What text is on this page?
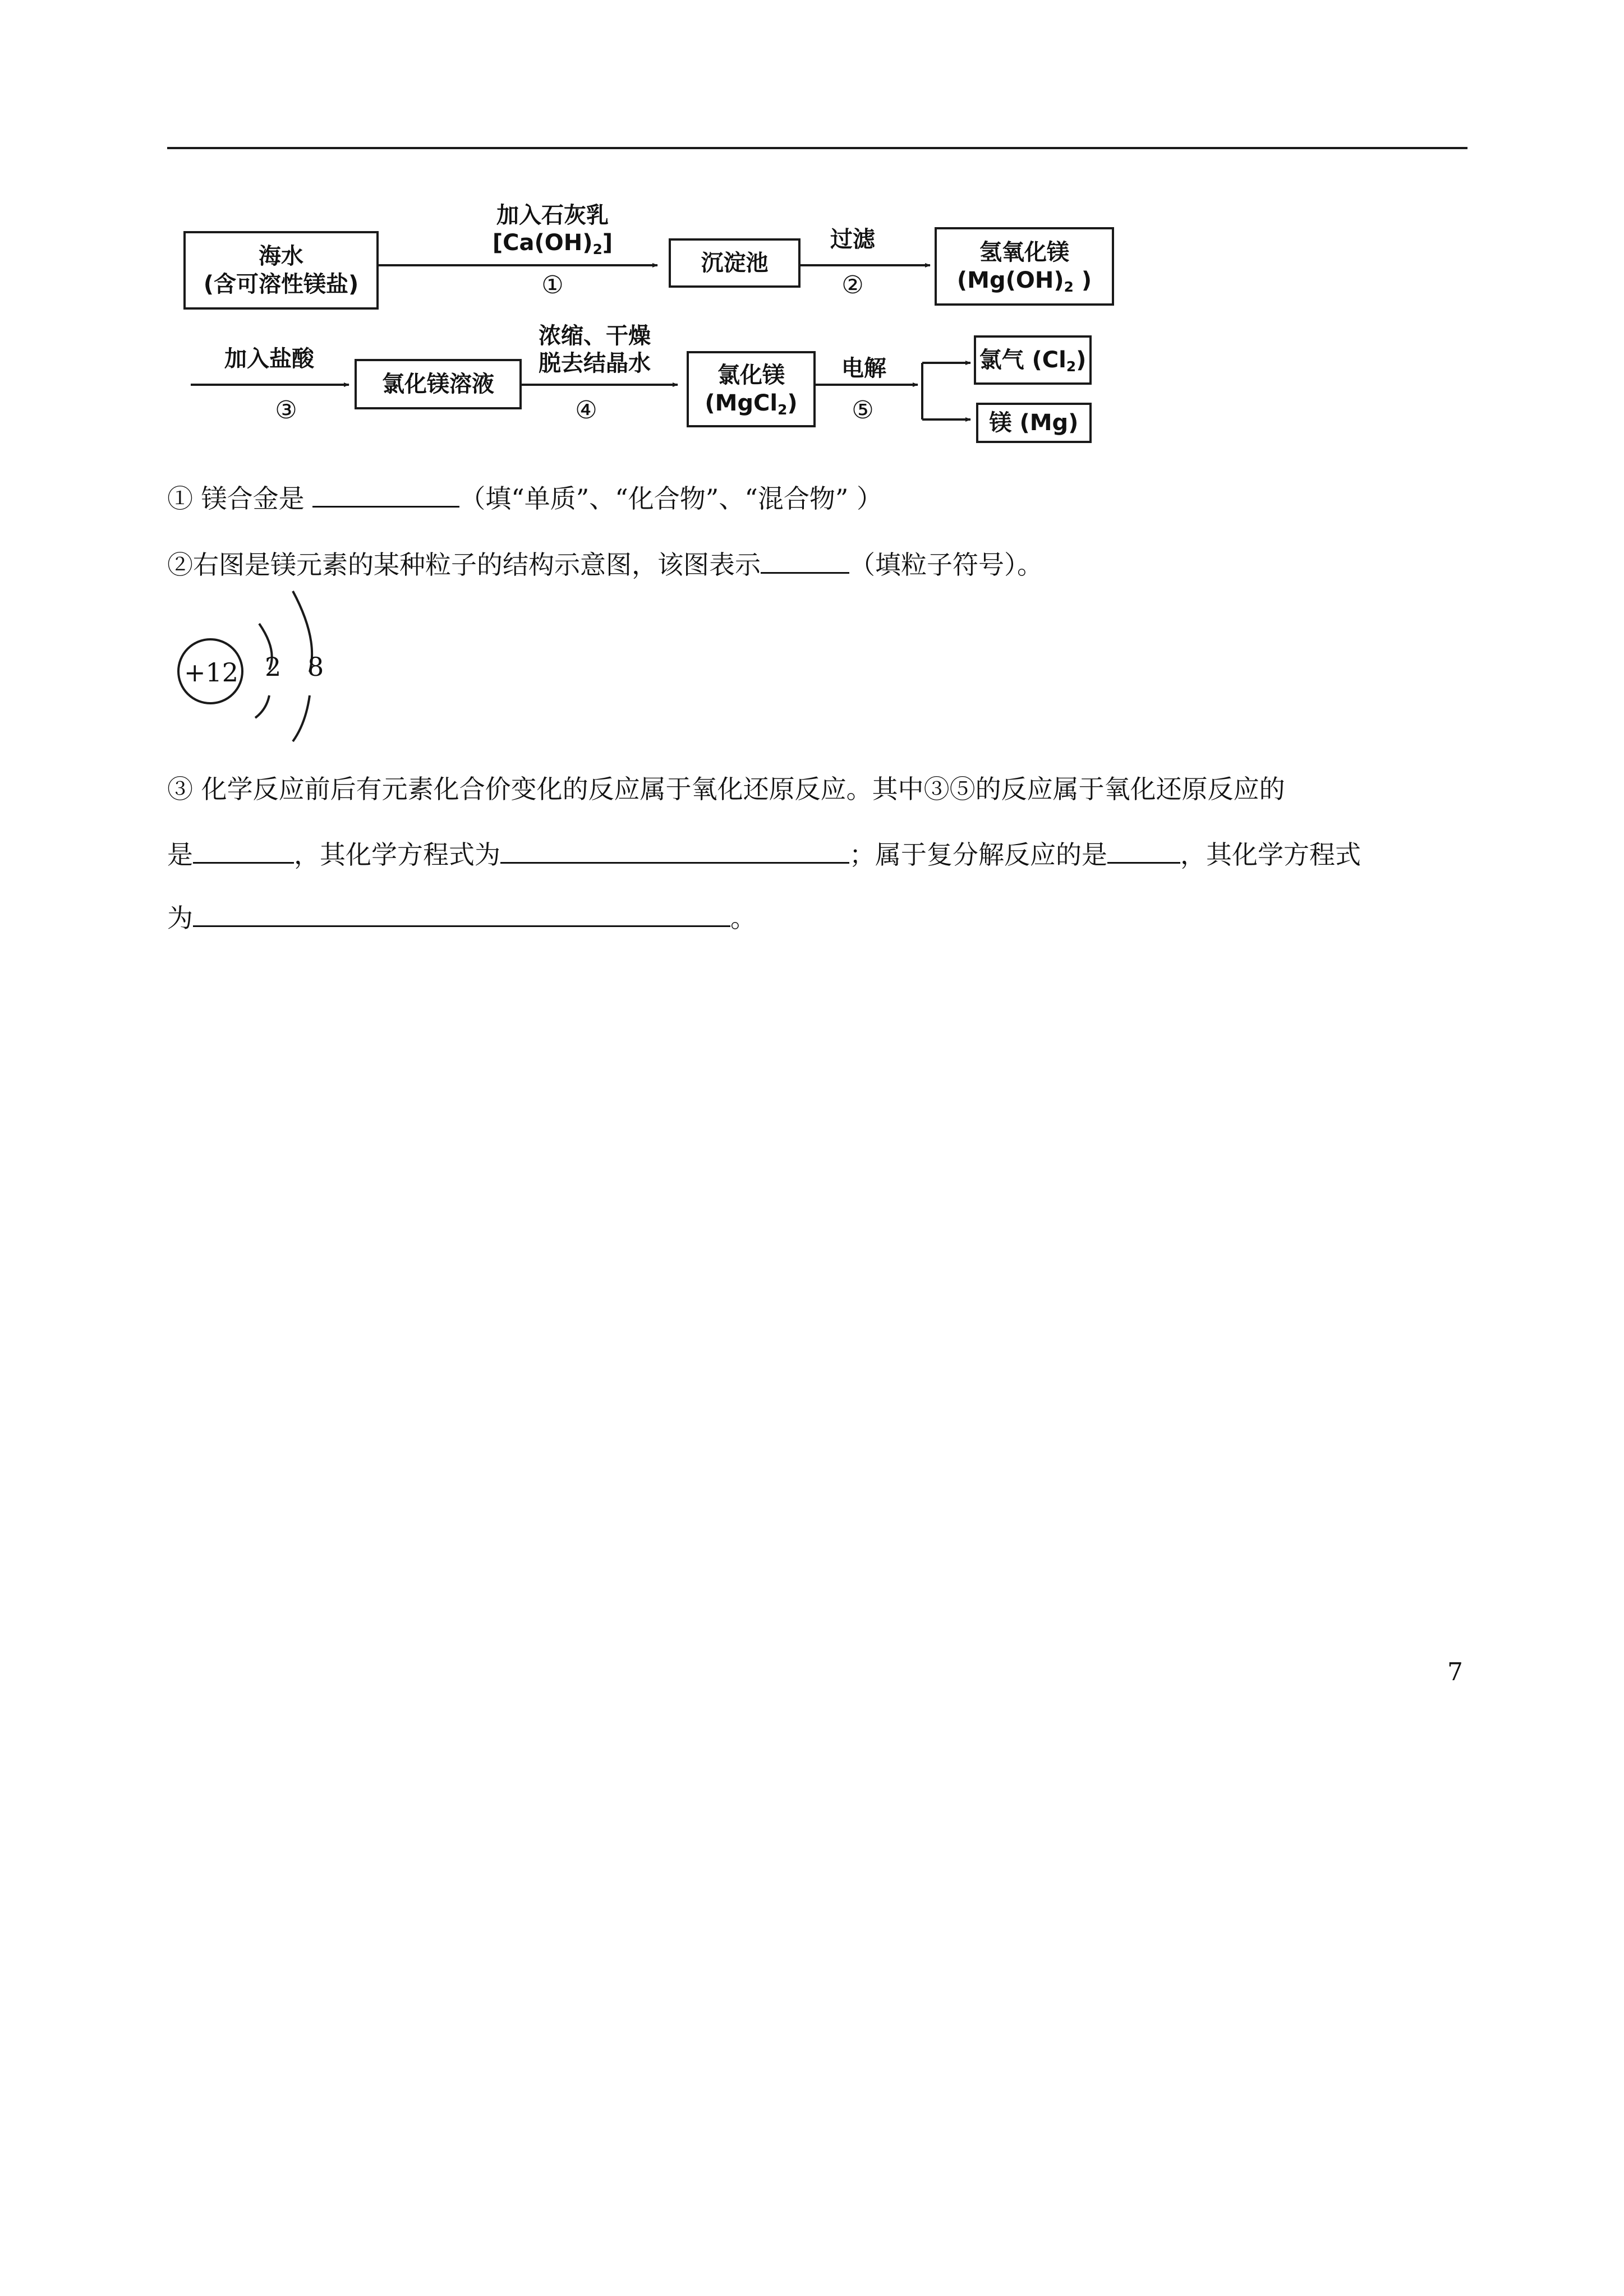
海水
(含可溶性镁盐)
沉淀池	氢氧化镁
($Mg(OH)_2$ )
氯化镁溶液	氯化镁
(MgCl$_2$)
氯气 $(Cl_2)$
镁 (Mg)
加入石灰乳
$[Ca(OH)_2]$
①
过滤
②
加入盐酸
③
浓缩、干燥
脱去结晶水
④
电解
⑤
① 镁合金是	（填“单质”、“化合物”、“混合物” ）
②右图是镁元素的某种粒子的结构示意图，该图表示	（填粒子符号）。
+12 2 8
③ 化学反应前后有元素化合价变化的反应属于氧化还原反应。其中③⑤的反应属于氧化还原反应的
是	，其化学方程式为	；属于复分解反应的是	，其化学方程式
为	。
7
